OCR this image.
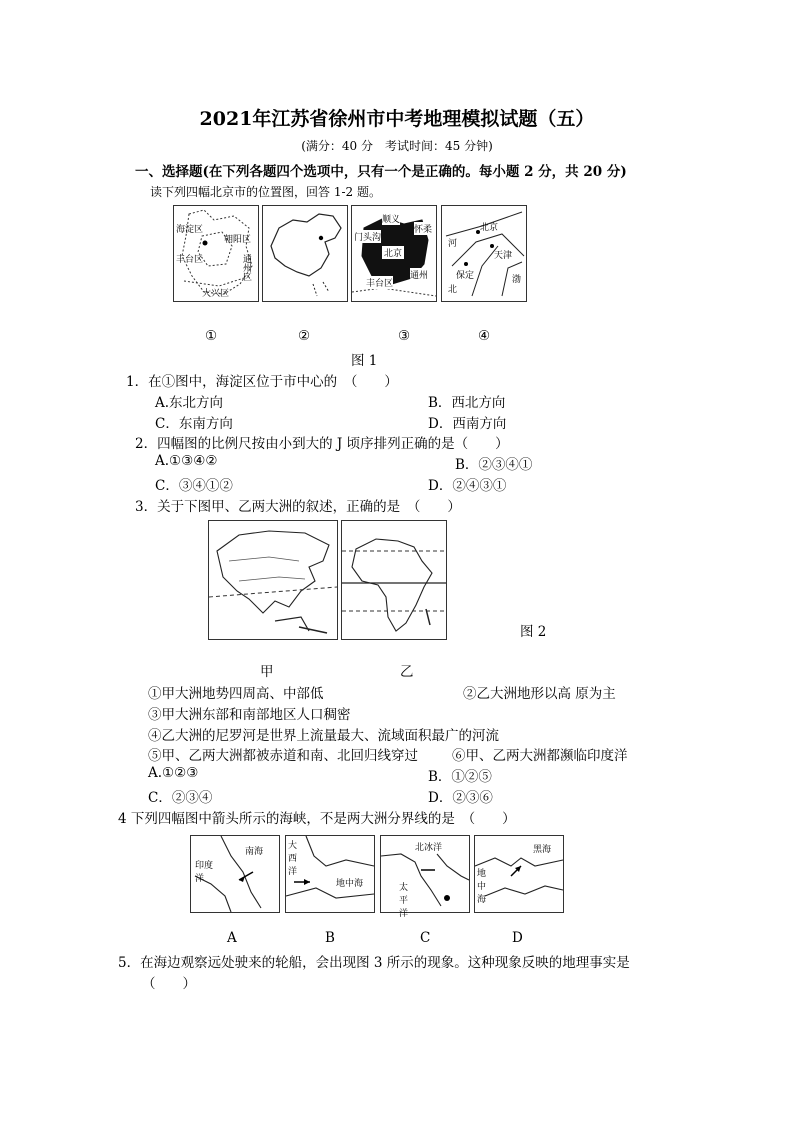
2021年江苏省徐州市中考地理模拟试题（五）
(满分：40 分　考试时间：45 分钟)
一、选择题(在下列各题四个选项中，只有一个是正确的。每小题 2 分，共 20 分)
读下列四幅北京市的位置图，回答 1-2 题。
海淀区
朝阳区
丰台区	通州区
大兴区
顺义
怀柔
门头沟
北京
丰台区
通州
北京
天津
保定
河
北
渤
①	②	③	④
图 1
1．在①图中，海淀区位于市中心的　（　　）
A.东北方向	B．西北方向
C．东南方向	D．西南方向
2．四幅图的比例尺按由小到大的 J 顷序排列正确的是（　　）
A.①③④②	B．②③④①
C．③④①②	D．②④③①
3．关于下图甲、乙两大洲的叙述，正确的是　（　　）
图 2
甲	乙
①甲大洲地势四周高、中部低	②乙大洲地形以高 原为主
③甲大洲东部和南部地区人口稠密
④乙大洲的尼罗河是世界上流量最大、流域面积最广的河流
⑤甲、乙两大洲都被赤道和南、北回归线穿过	⑥甲、乙两大洲都濒临印度洋
A.①②③	B．①②⑤
C．②③④	D．②③⑥
4 下列四幅图中箭头所示的海峡，不是两大洲分界线的是　（　　）
南海
印度洋
大西洋
地中海
北冰洋
太平洋
黑海
地中海
A	B	C	D
5．在海边观察远处驶来的轮船，会出现图 3 所示的现象。这种现象反映的地理事实是
（　　）
